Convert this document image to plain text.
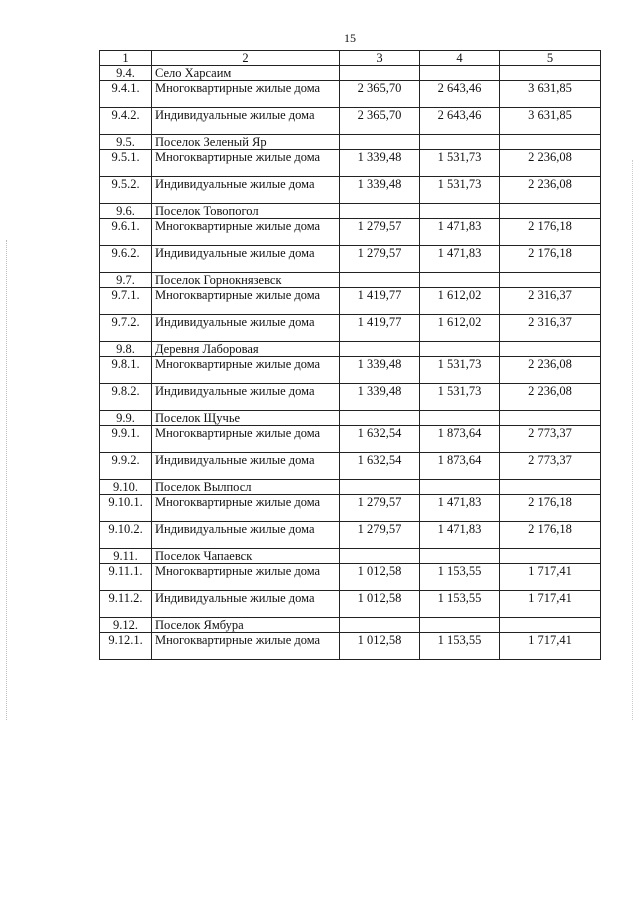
15
1	2	3	4	5
9.4.	Село Харсаим			
9.4.1.	Многоквартирные жилые дома	2 365,70	2 643,46	3 631,85
9.4.2.	Индивидуальные жилые дома	2 365,70	2 643,46	3 631,85
9.5.	Поселок Зеленый Яр			
9.5.1.	Многоквартирные жилые дома	1 339,48	1 531,73	2 236,08
9.5.2.	Индивидуальные жилые дома	1 339,48	1 531,73	2 236,08
9.6.	Поселок Товопогол			
9.6.1.	Многоквартирные жилые дома	1 279,57	1 471,83	2 176,18
9.6.2.	Индивидуальные жилые дома	1 279,57	1 471,83	2 176,18
9.7.	Поселок Горнокнязевск			
9.7.1.	Многоквартирные жилые дома	1 419,77	1 612,02	2 316,37
9.7.2.	Индивидуальные жилые дома	1 419,77	1 612,02	2 316,37
9.8.	Деревня Лаборовая			
9.8.1.	Многоквартирные жилые дома	1 339,48	1 531,73	2 236,08
9.8.2.	Индивидуальные жилые дома	1 339,48	1 531,73	2 236,08
9.9.	Поселок Щучье			
9.9.1.	Многоквартирные жилые дома	1 632,54	1 873,64	2 773,37
9.9.2.	Индивидуальные жилые дома	1 632,54	1 873,64	2 773,37
9.10.	Поселок Вылпосл			
9.10.1.	Многоквартирные жилые дома	1 279,57	1 471,83	2 176,18
9.10.2.	Индивидуальные жилые дома	1 279,57	1 471,83	2 176,18
9.11.	Поселок Чапаевск			
9.11.1.	Многоквартирные жилые дома	1 012,58	1 153,55	1 717,41
9.11.2.	Индивидуальные жилые дома	1 012,58	1 153,55	1 717,41
9.12.	Поселок Ямбура			
9.12.1.	Многоквартирные жилые дома	1 012,58	1 153,55	1 717,41
